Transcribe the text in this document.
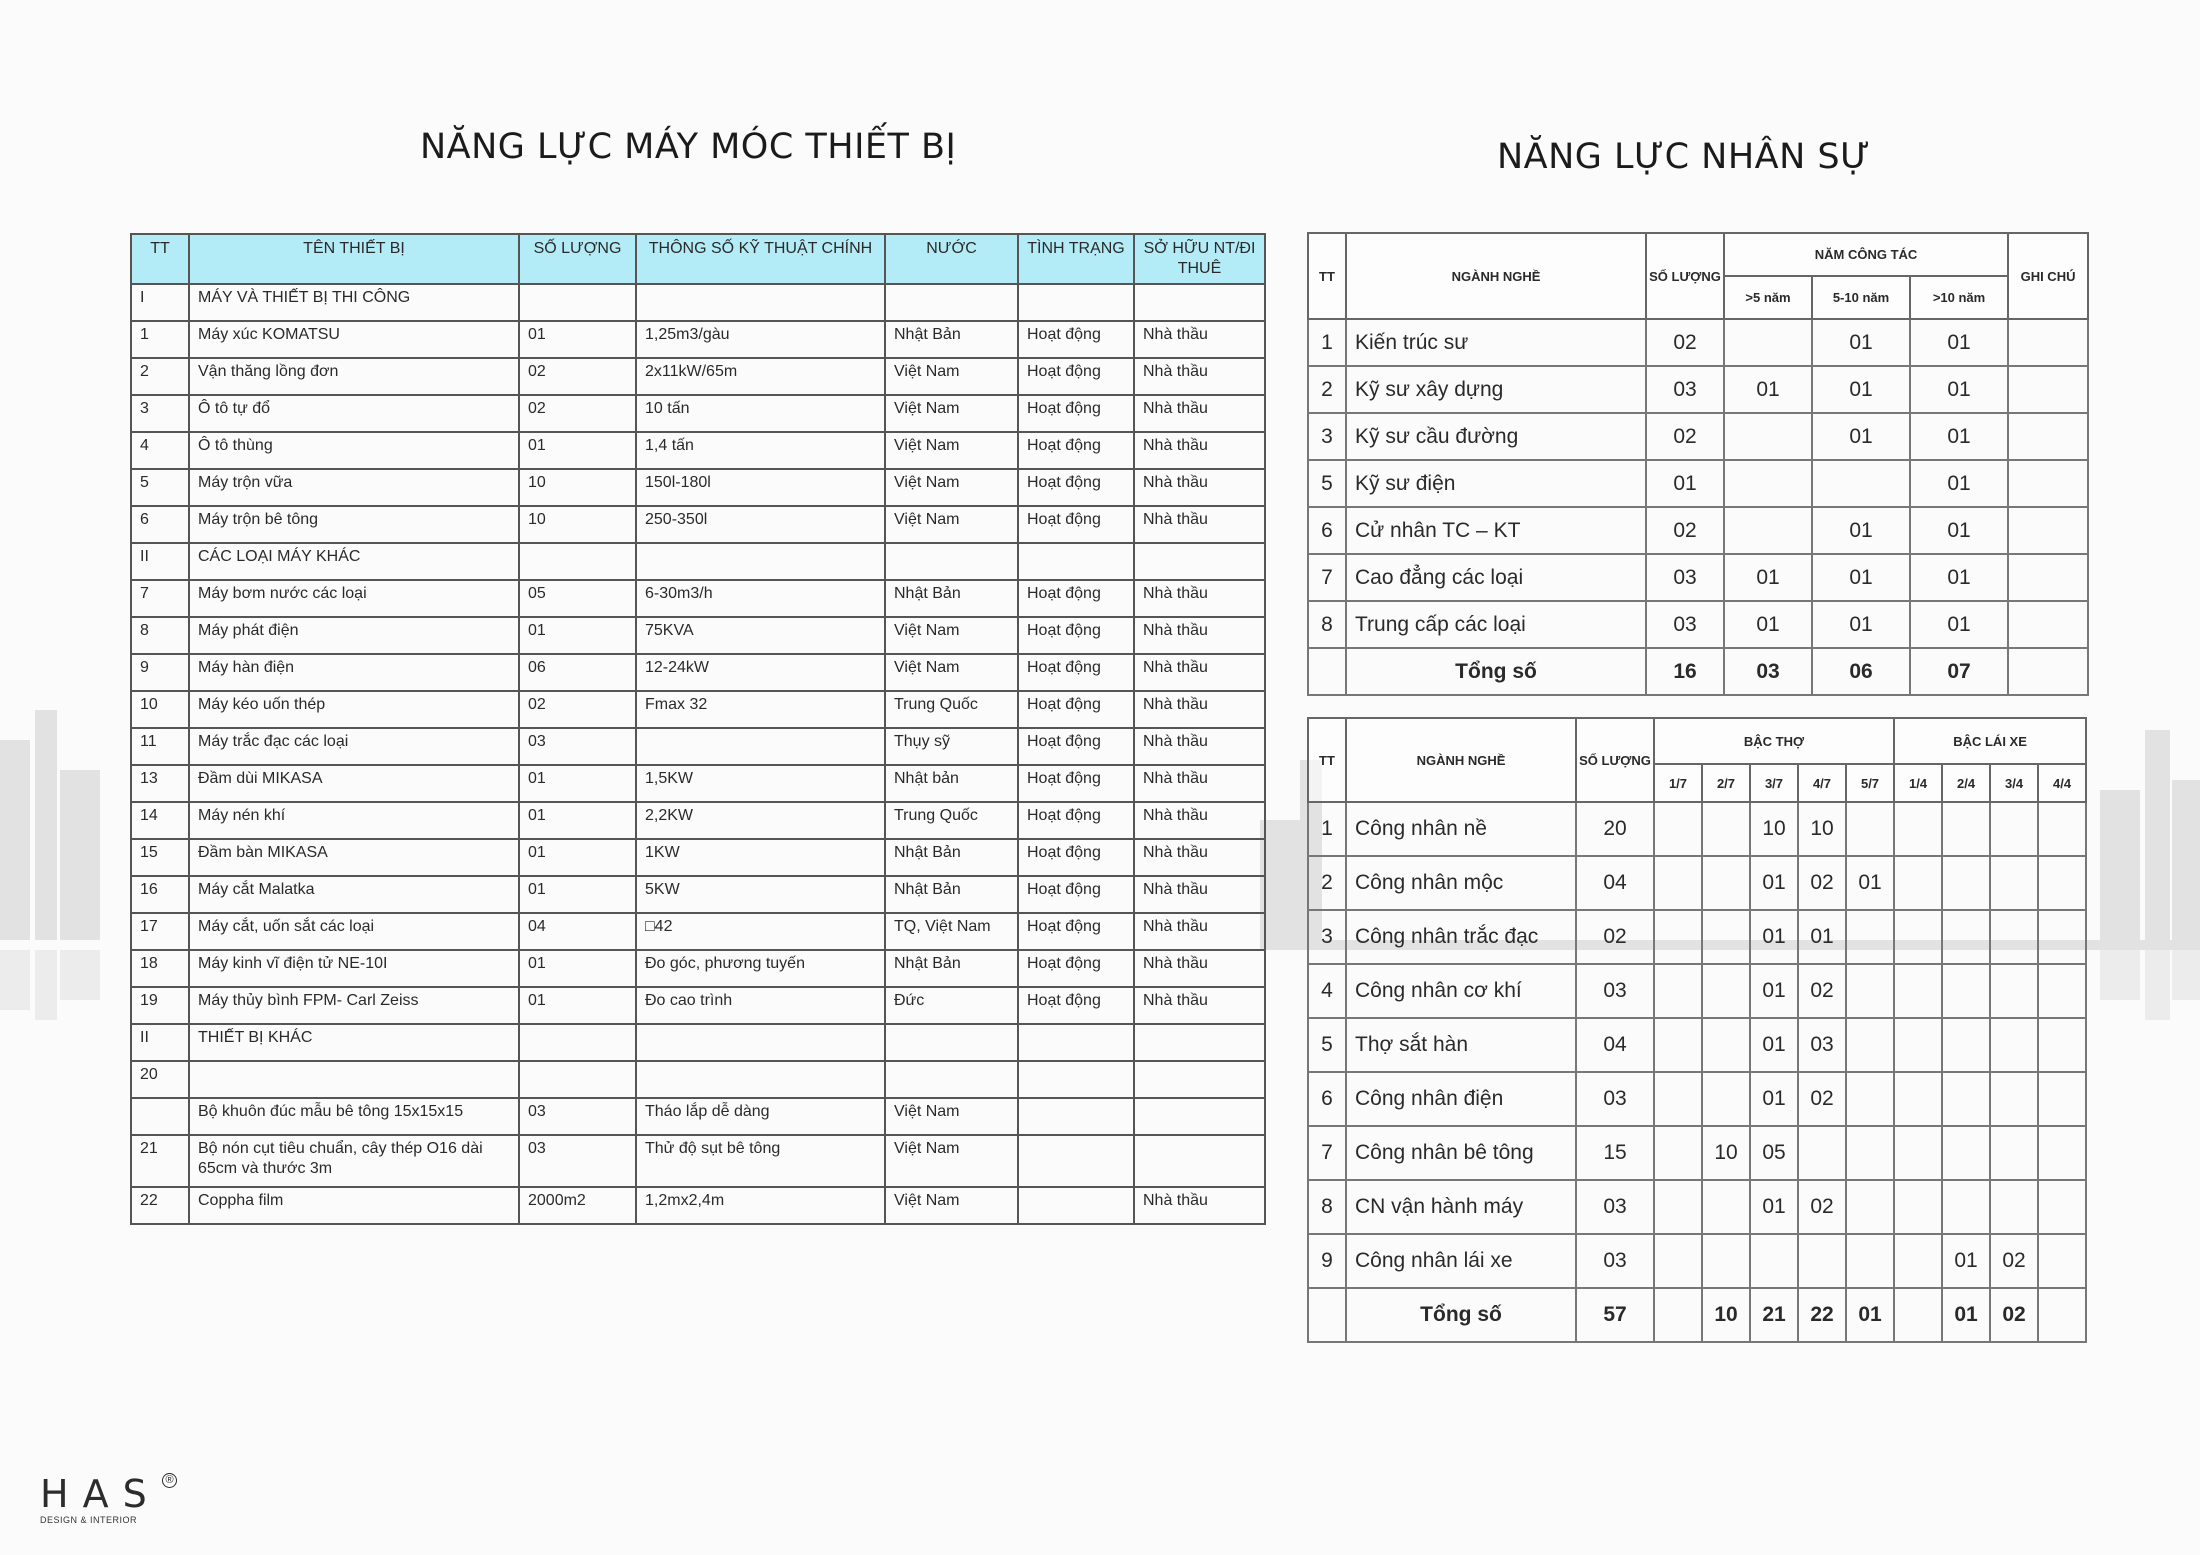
NĂNG LỰC MÁY MÓC THIẾT BỊ	NĂNG LỰC NHÂN SỰ
TT	TÊN THIẾT BỊ	SỐ LƯỢNG	THÔNG SỐ KỸ THUẬT CHÍNH	NƯỚC	TÌNH TRẠNG	SỞ HỮU NT/ĐI THUÊ
I	MÁY VÀ THIẾT BỊ THI CÔNG					
1	Máy xúc KOMATSU	01	1,25m3/gàu	Nhật Bản	Hoạt động	Nhà thầu
2	Vận thăng lồng đơn	02	2x11kW/65m	Việt Nam	Hoạt động	Nhà thầu
3	Ô tô tự đổ	02	10 tấn	Việt Nam	Hoạt động	Nhà thầu
4	Ô tô thùng	01	1,4 tấn	Việt Nam	Hoạt động	Nhà thầu
5	Máy trộn vữa	10	150l-180l	Việt Nam	Hoạt động	Nhà thầu
6	Máy trộn bê tông	10	250-350l	Việt Nam	Hoạt động	Nhà thầu
II	CÁC LOẠI MÁY KHÁC					
7	Máy bơm nước các loại	05	6-30m3/h	Nhật Bản	Hoạt động	Nhà thầu
8	Máy phát điện	01	75KVA	Việt Nam	Hoạt động	Nhà thầu
9	Máy hàn điện	06	12-24kW	Việt Nam	Hoạt động	Nhà thầu
10	Máy kéo uốn thép	02	Fmax 32	Trung Quốc	Hoạt động	Nhà thầu
11	Máy trắc đạc các loại	03		Thụy sỹ	Hoạt động	Nhà thầu
13	Đầm dùi MIKASA	01	1,5KW	Nhật bản	Hoạt động	Nhà thầu
14	Máy nén khí	01	2,2KW	Trung Quốc	Hoạt động	Nhà thầu
15	Đầm bàn MIKASA	01	1KW	Nhật Bản	Hoạt động	Nhà thầu
16	Máy cắt Malatka	01	5KW	Nhật Bản	Hoạt động	Nhà thầu
17	Máy cắt, uốn sắt các loại	04	□42	TQ, Việt Nam	Hoạt động	Nhà thầu
18	Máy kinh vĩ điện tử NE-10I	01	Đo góc, phương tuyến	Nhật Bản	Hoạt động	Nhà thầu
19	Máy thủy bình FPM- Carl Zeiss	01	Đo cao trình	Đức	Hoạt động	Nhà thầu
II	THIẾT BỊ KHÁC					
20						
	Bộ khuôn đúc mẫu bê tông 15x15x15	03	Tháo lắp dễ dàng	Việt Nam		
21	Bộ nón cụt tiêu chuẩn, cây thép O16 dài 65cm và thước 3m	03	Thử độ sụt bê tông	Việt Nam		
22	Coppha film	2000m2	1,2mx2,4m	Việt Nam		Nhà thầu
TT	NGÀNH NGHỀ	SỐ LƯỢNG	NĂM CÔNG TÁC			GHI CHÚ
			>5 năm	5-10 năm	>10 năm	
1	Kiến trúc sư	02		01	01	
2	Kỹ sư xây dựng	03	01	01	01	
3	Kỹ sư cầu đường	02		01	01	
5	Kỹ sư điện	01			01	
6	Cử nhân TC – KT	02		01	01	
7	Cao đẳng các loại	03	01	01	01	
8	Trung cấp các loại	03	01	01	01	
	Tổng số	16	03	06	07	
TT	NGÀNH NGHỀ	SỐ LƯỢNG	BẬC THỢ					BẬC LÁI XE			
			1/7	2/7	3/7	4/7	5/7	1/4	2/4	3/4	4/4
1	Công nhân nề	20			10	10					
2	Công nhân mộc	04			01	02	01				
3	Công nhân trắc đạc	02			01	01					
4	Công nhân cơ khí	03			01	02					
5	Thợ sắt hàn	04			01	03					
6	Công nhân điện	03			01	02					
7	Công nhân bê tông	15		10	05						
8	CN vận hành máy	03			01	02					
9	Công nhân lái xe	03							01	02	
	Tổng số	57		10	21	22	01		01	02	
HAS ®
DESIGN & INTERIOR
